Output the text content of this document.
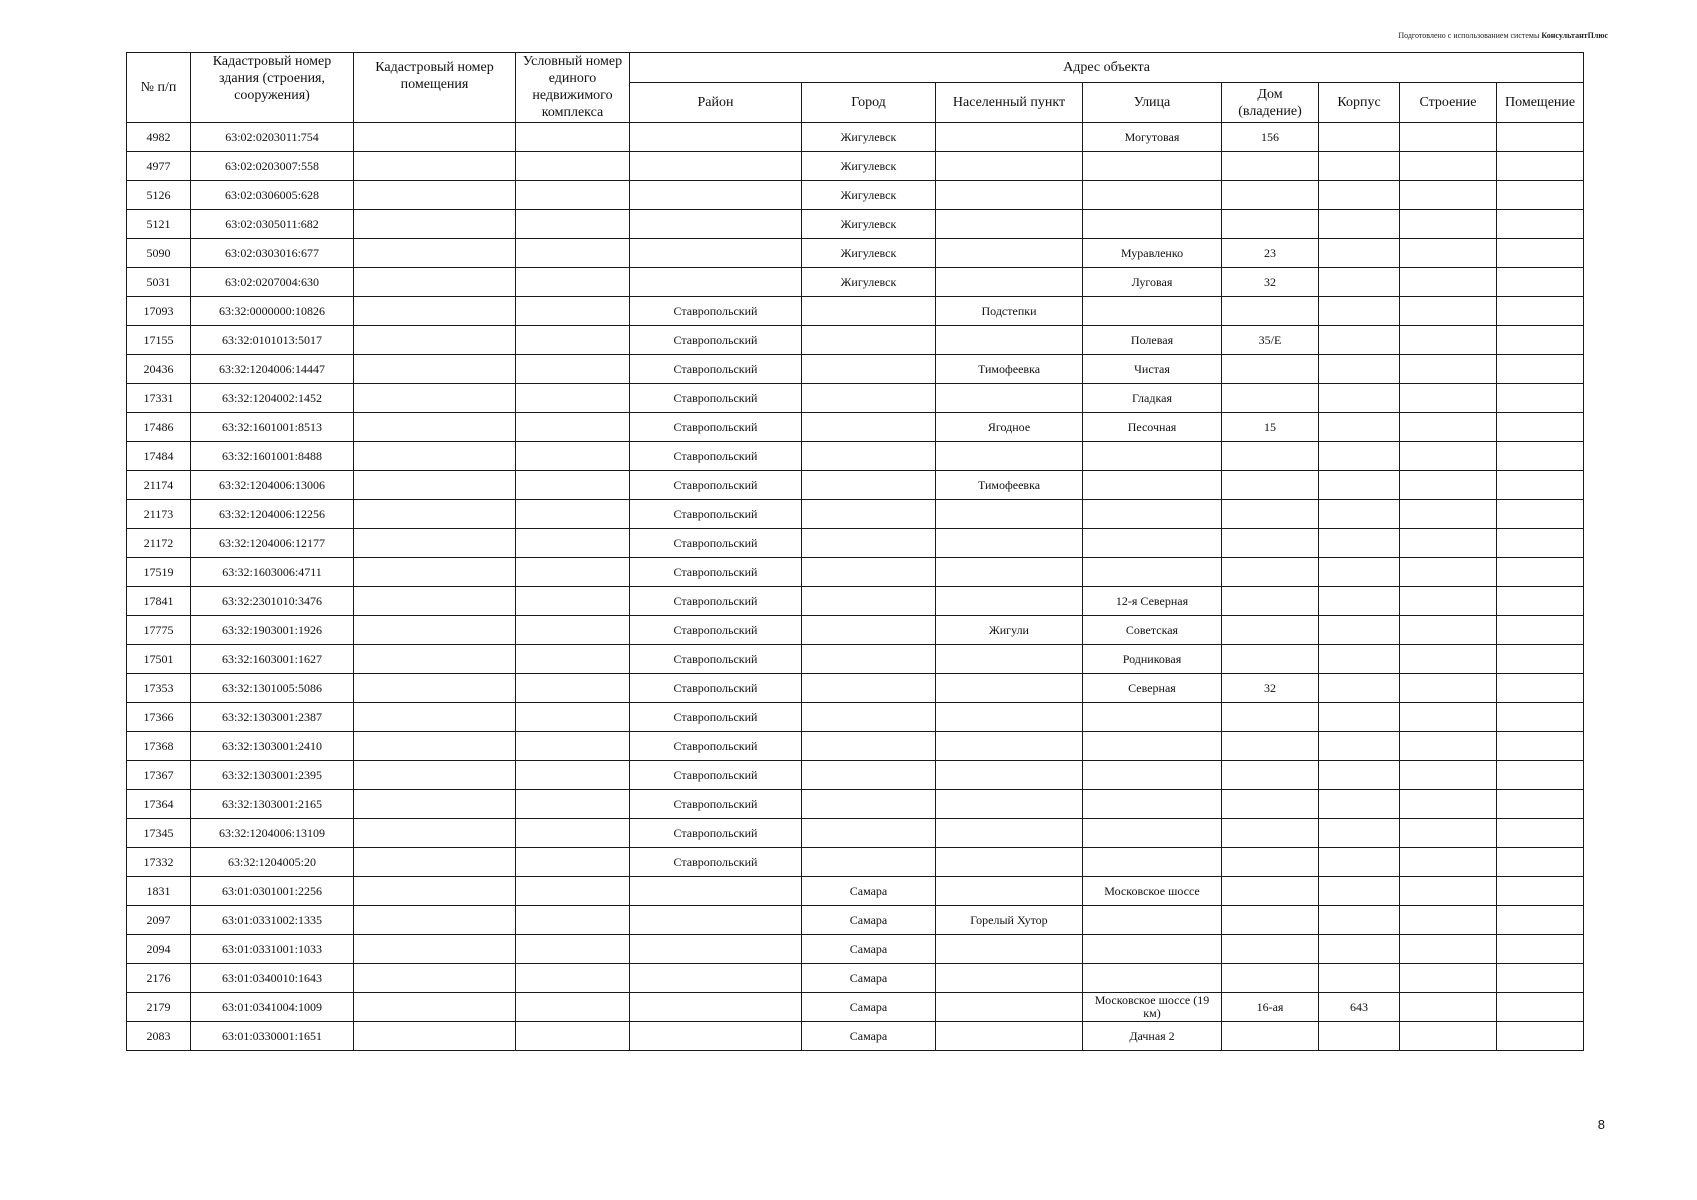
Подготовлено с использованием системы КонсультантПлюс
№ п/п	Кадастровый номер здания (строения, сооружения)	Кадастровый номер помещения	Условный номер единого недвижимого комплекса	Адрес объекта							
				Район	Город	Населенный пункт	Улица	Дом (владение)	Корпус	Строение	Помещение
4982	63:02:0203011:754				Жигулевск		Могутовая	156			
4977	63:02:0203007:558				Жигулевск						
5126	63:02:0306005:628				Жигулевск						
5121	63:02:0305011:682				Жигулевск						
5090	63:02:0303016:677				Жигулевск		Муравленко	23			
5031	63:02:0207004:630				Жигулевск		Луговая	32			
17093	63:32:0000000:10826			Ставропольский		Подстепки					
17155	63:32:0101013:5017			Ставропольский			Полевая	35/Е			
20436	63:32:1204006:14447			Ставропольский		Тимофеевка	Чистая				
17331	63:32:1204002:1452			Ставропольский			Гладкая				
17486	63:32:1601001:8513			Ставропольский		Ягодное	Песочная	15			
17484	63:32:1601001:8488			Ставропольский							
21174	63:32:1204006:13006			Ставропольский		Тимофеевка					
21173	63:32:1204006:12256			Ставропольский							
21172	63:32:1204006:12177			Ставропольский							
17519	63:32:1603006:4711			Ставропольский							
17841	63:32:2301010:3476			Ставропольский			12-я Северная				
17775	63:32:1903001:1926			Ставропольский		Жигули	Советская				
17501	63:32:1603001:1627			Ставропольский			Родниковая				
17353	63:32:1301005:5086			Ставропольский			Северная	32			
17366	63:32:1303001:2387			Ставропольский							
17368	63:32:1303001:2410			Ставропольский							
17367	63:32:1303001:2395			Ставропольский							
17364	63:32:1303001:2165			Ставропольский							
17345	63:32:1204006:13109			Ставропольский							
17332	63:32:1204005:20			Ставропольский							
1831	63:01:0301001:2256				Самара		Московское шоссе				
2097	63:01:0331002:1335				Самара	Горелый Хутор					
2094	63:01:0331001:1033				Самара						
2176	63:01:0340010:1643				Самара						
2179	63:01:0341004:1009				Самара		Московское шоссе (19 км)	16-ая	643		
2083	63:01:0330001:1651				Самара		Дачная 2				
8
